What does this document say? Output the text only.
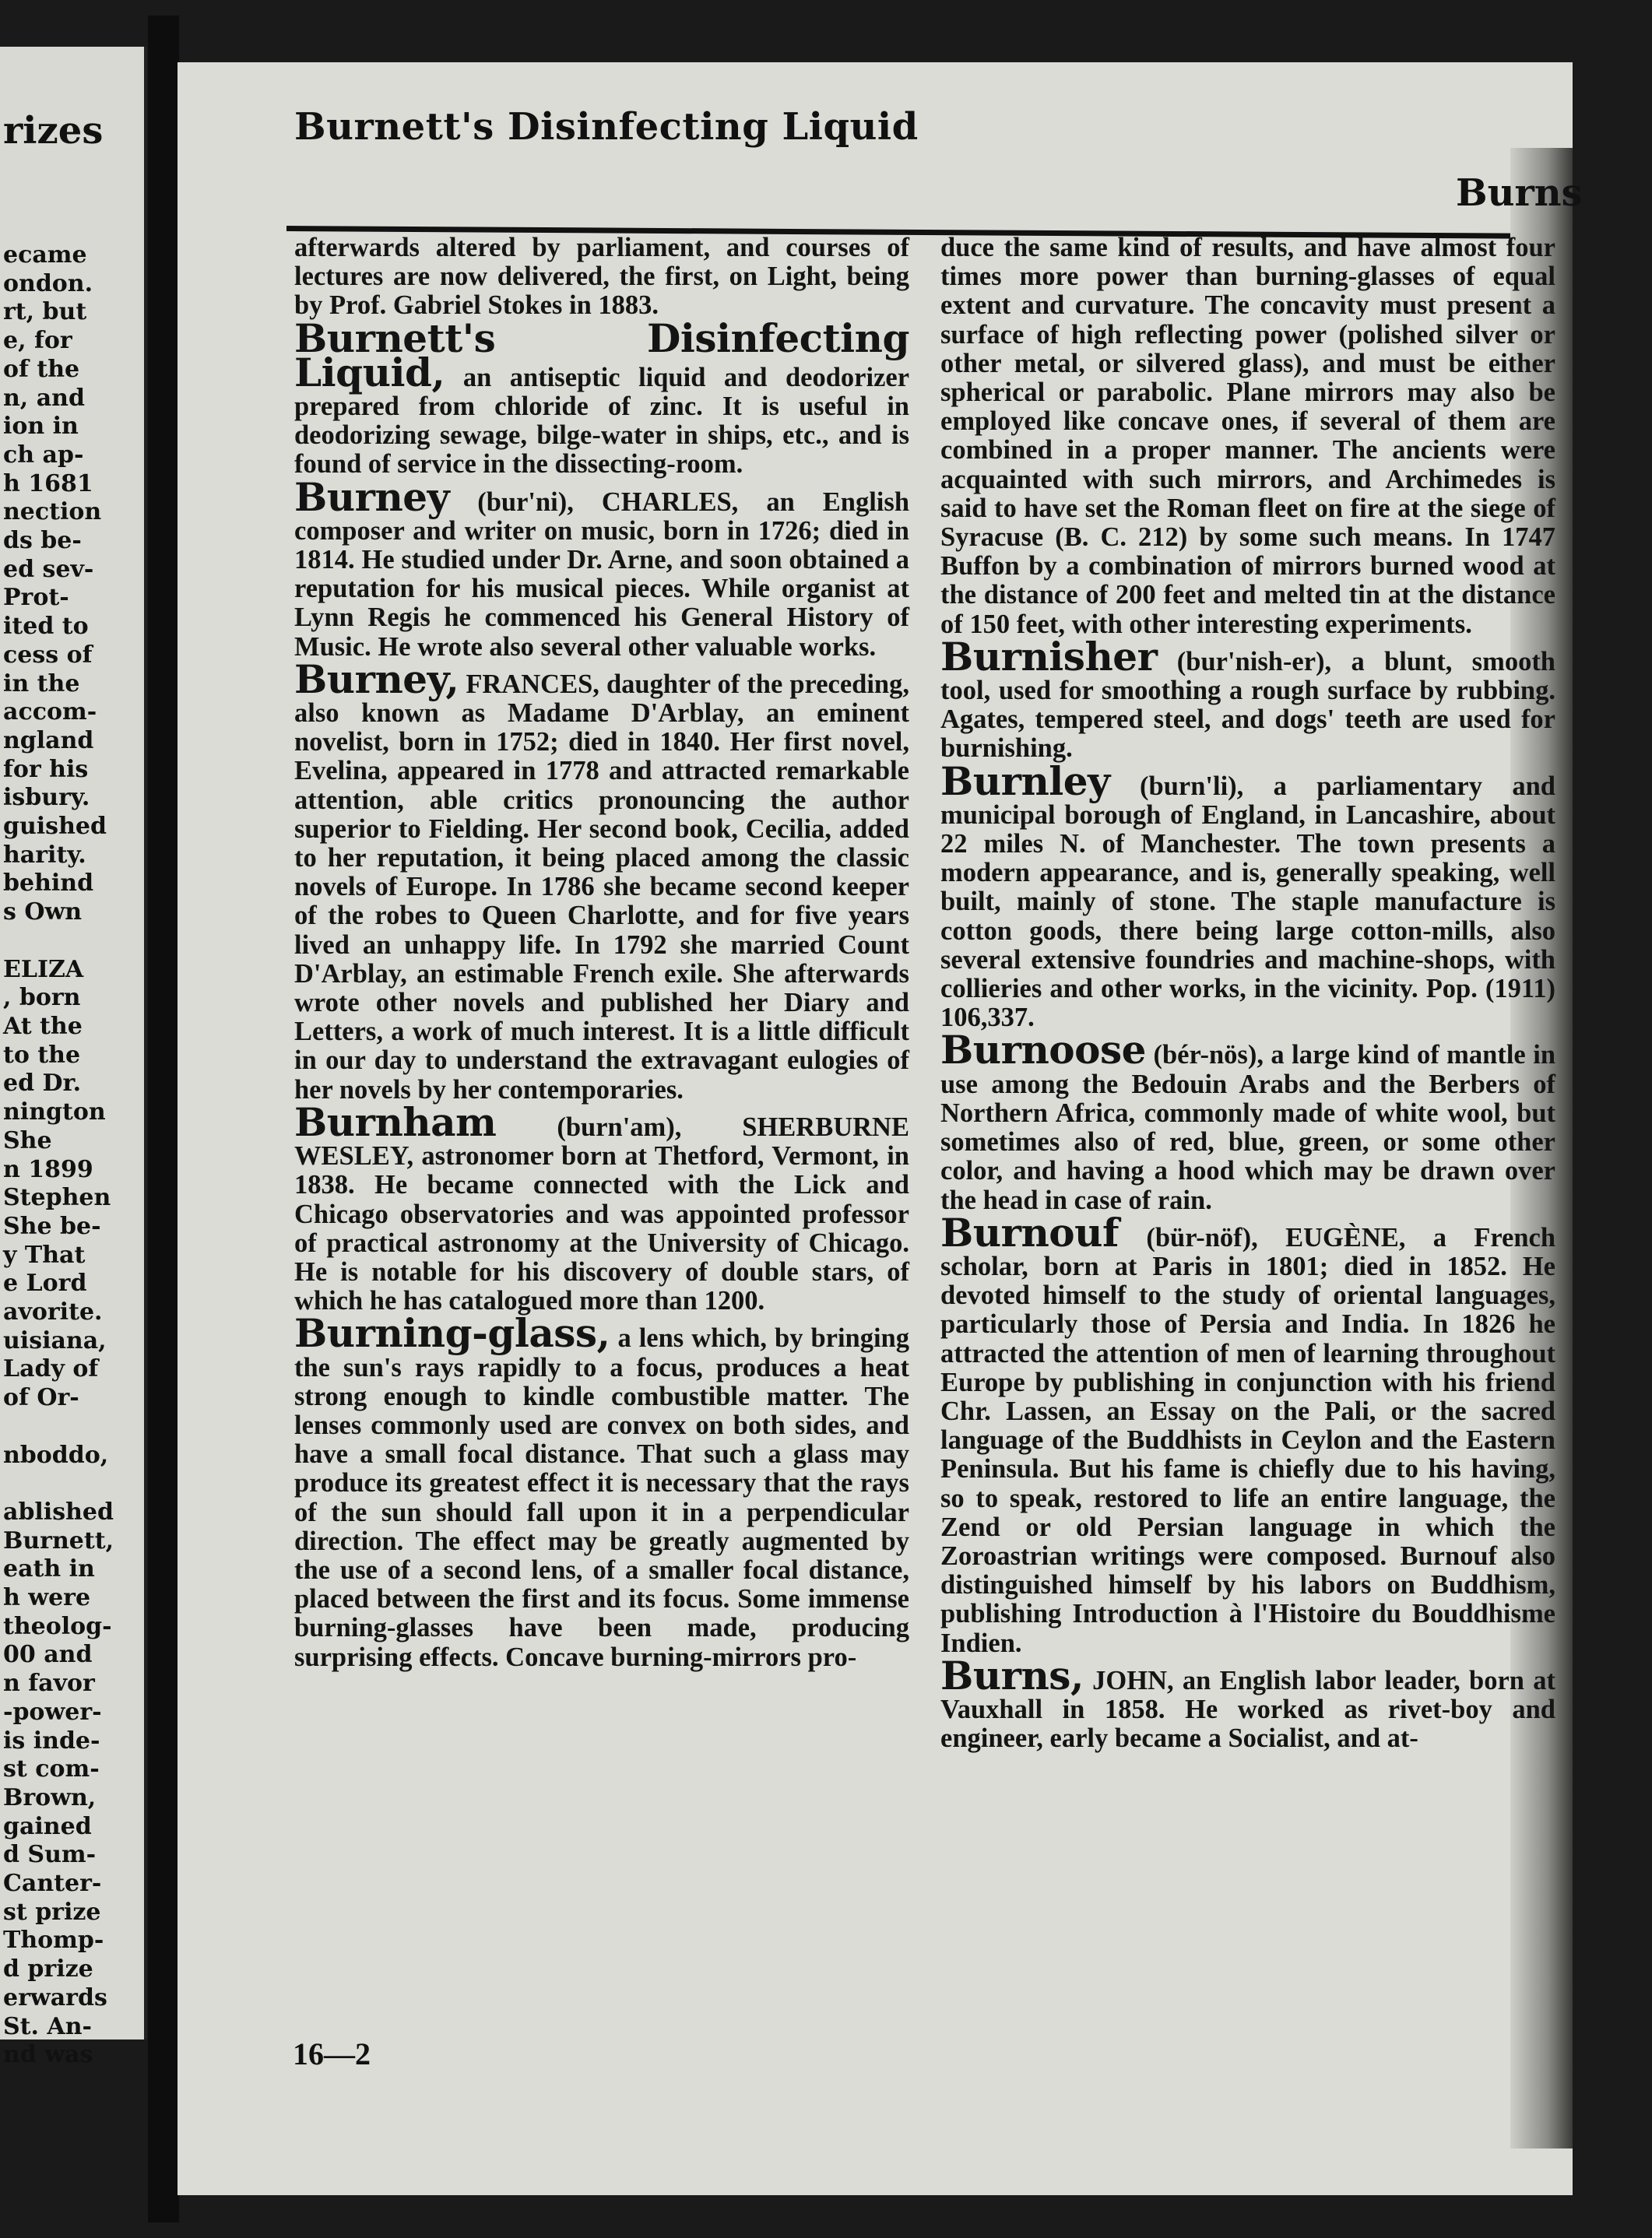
rizes
ecame
ondon.
rt, but
e, for
of the
n, and
ion in
ch ap-
h 1681
nection
ds be-
ed sev-
Prot-
ited to
cess of
in the
accom-
ngland
for his
isbury.
guished
harity.
behind
s Own

ELIZA
, born
At the
to the
ed Dr.
nington
She
n 1899
Stephen
She be-
y That
e Lord
avorite.
uisiana,
Lady of
of Or-

nboddo,

ablished
Burnett,
eath in
h were
theolog-
00 and
n favor
-power-
is inde-
st com-
Brown,
gained
d Sum-
Canter-
st prize
Thomp-
d prize
erwards
St. An-
nd was
Burnett's Disinfecting Liquid
Burns

afterwards altered by parliament, and courses of lectures are now delivered, the first, on Light, being by Prof. Gabriel Stokes in 1883.

Burnett's Disinfecting Liquid, an antiseptic liquid and deodorizer prepared from chloride of zinc. It is useful in deodorizing sewage, bilge-water in ships, etc., and is found of service in the dissecting-room.

Burney (bur'ni), CHARLES, an English composer and writer on music, born in 1726; died in 1814. He studied under Dr. Arne, and soon obtained a reputation for his musical pieces. While organist at Lynn Regis he commenced his General History of Music. He wrote also several other valuable works.

Burney, FRANCES, daughter of the preceding, also known as Madame D'Arblay, an eminent novelist, born in 1752; died in 1840. Her first novel, Evelina, appeared in 1778 and attracted remarkable attention, able critics pronouncing the author superior to Fielding. Her second book, Cecilia, added to her reputation, it being placed among the classic novels of Europe. In 1786 she became second keeper of the robes to Queen Charlotte, and for five years lived an unhappy life. In 1792 she married Count D'Arblay, an estimable French exile. She afterwards wrote other novels and published her Diary and Letters, a work of much interest. It is a little difficult in our day to understand the extravagant eulogies of her novels by her contemporaries.

Burnham (burn'am), SHERBURNE WESLEY, astronomer born at Thetford, Vermont, in 1838. He became connected with the Lick and Chicago observatories and was appointed professor of practical astronomy at the University of Chicago. He is notable for his discovery of double stars, of which he has catalogued more than 1200.

Burning-glass, a lens which, by bringing the sun's rays rapidly to a focus, produces a heat strong enough to kindle combustible matter. The lenses commonly used are convex on both sides, and have a small focal distance. That such a glass may produce its greatest effect it is necessary that the rays of the sun should fall upon it in a perpendicular direction. The effect may be greatly augmented by the use of a second lens, of a smaller focal distance, placed between the first and its focus. Some immense burning-glasses have been made, producing surprising effects. Concave burning-mirrors pro-

duce the same kind of results, and have almost four times more power than burning-glasses of equal extent and curvature. The concavity must present a surface of high reflecting power (polished silver or other metal, or silvered glass), and must be either spherical or parabolic. Plane mirrors may also be employed like concave ones, if several of them are combined in a proper manner. The ancients were acquainted with such mirrors, and Archimedes is said to have set the Roman fleet on fire at the siege of Syracuse (B. C. 212) by some such means. In 1747 Buffon by a combination of mirrors burned wood at the distance of 200 feet and melted tin at the distance of 150 feet, with other interesting experiments.

Burnisher (bur'nish-er), a blunt, smooth tool, used for smoothing a rough surface by rubbing. Agates, tempered steel, and dogs' teeth are used for burnishing.

Burnley (burn'li), a parliamentary and municipal borough of England, in Lancashire, about 22 miles N. of Manchester. The town presents a modern appearance, and is, generally speaking, well built, mainly of stone. The staple manufacture is cotton goods, there being large cotton-mills, also several extensive foundries and machine-shops, with collieries and other works, in the vicinity. Pop. (1911) 106,337.

Burnoose (bér-nös), a large kind of mantle in use among the Bedouin Arabs and the Berbers of Northern Africa, commonly made of white wool, but sometimes also of red, blue, green, or some other color, and having a hood which may be drawn over the head in case of rain.

Burnouf (bür-nöf), EUGÈNE, a French scholar, born at Paris in 1801; died in 1852. He devoted himself to the study of oriental languages, particularly those of Persia and India. In 1826 he attracted the attention of men of learning throughout Europe by publishing in conjunction with his friend Chr. Lassen, an Essay on the Pali, or the sacred language of the Buddhists in Ceylon and the Eastern Peninsula. But his fame is chiefly due to his having, so to speak, restored to life an entire language, the Zend or old Persian language in which the Zoroastrian writings were composed. Burnouf also distinguished himself by his labors on Buddhism, publishing Introduction à l'Histoire du Bouddhisme Indien.

Burns, JOHN, an English labor leader, born at Vauxhall in 1858. He worked as rivet-boy and engineer, early became a Socialist, and at-

16—2
